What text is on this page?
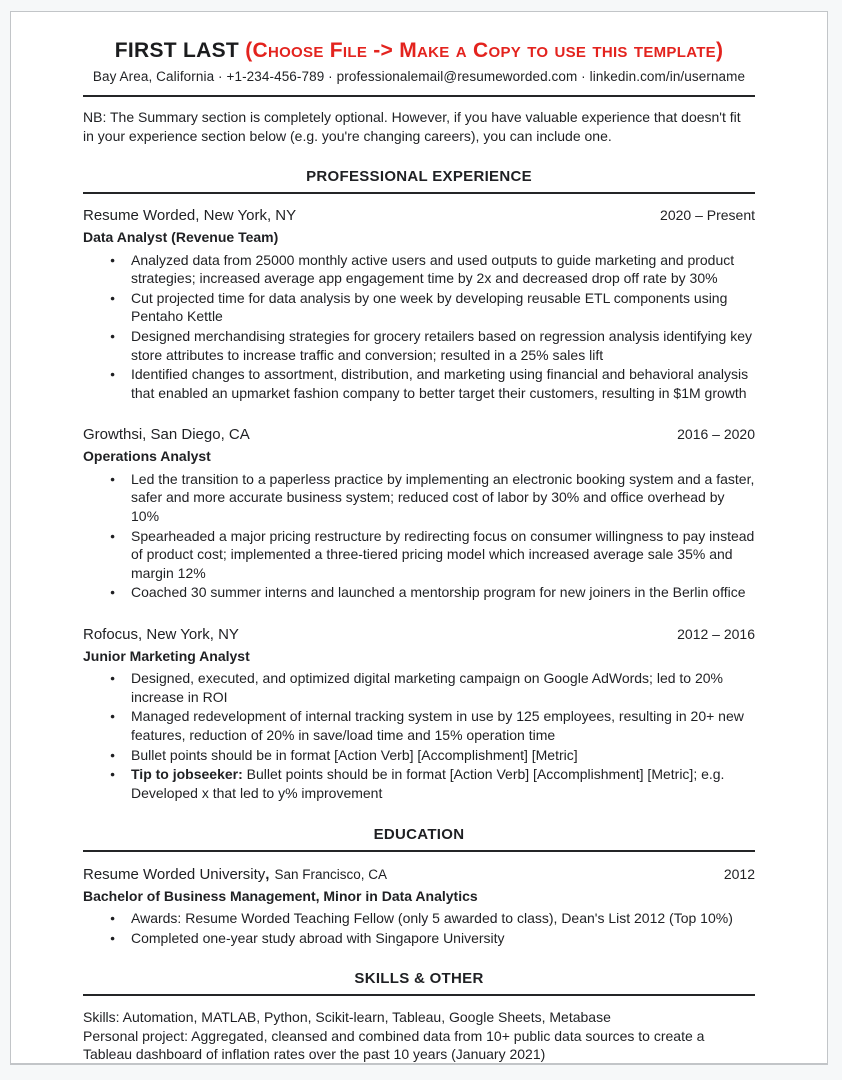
FIRST LAST (Choose File -> Make a Copy to use this template)
Bay Area, California · +1-234-456-789 · professionalemail@resumeworded.com · linkedin.com/in/username

NB: The Summary section is completely optional. However, if you have valuable experience that doesn't fit in your experience section below (e.g. you're changing careers), you can include one.

PROFESSIONAL EXPERIENCE
Resume Worded, New York, NY	2020 – Present
Data Analyst (Revenue Team)
● Analyzed data from 25000 monthly active users and used outputs to guide marketing and product strategies; increased average app engagement time by 2x and decreased drop off rate by 30%
● Cut projected time for data analysis by one week by developing reusable ETL components using Pentaho Kettle
● Designed merchandising strategies for grocery retailers based on regression analysis identifying key store attributes to increase traffic and conversion; resulted in a 25% sales lift
● Identified changes to assortment, distribution, and marketing using financial and behavioral analysis that enabled an upmarket fashion company to better target their customers, resulting in $1M growth
Growthsi, San Diego, CA	2016 – 2020
Operations Analyst
● Led the transition to a paperless practice by implementing an electronic booking system and a faster, safer and more accurate business system; reduced cost of labor by 30% and office overhead by 10%
● Spearheaded a major pricing restructure by redirecting focus on consumer willingness to pay instead of product cost; implemented a three-tiered pricing model which increased average sale 35% and margin 12%
● Coached 30 summer interns and launched a mentorship program for new joiners in the Berlin office
Rofocus, New York, NY	2012 – 2016
Junior Marketing Analyst
● Designed, executed, and optimized digital marketing campaign on Google AdWords; led to 20% increase in ROI
● Managed redevelopment of internal tracking system in use by 125 employees, resulting in 20+ new features, reduction of 20% in save/load time and 15% operation time
● Bullet points should be in format [Action Verb] [Accomplishment] [Metric]
● Tip to jobseeker: Bullet points should be in format [Action Verb] [Accomplishment] [Metric]; e.g. Developed x that led to y% improvement
EDUCATION
Resume Worded University, San Francisco, CA	2012
Bachelor of Business Management, Minor in Data Analytics
● Awards: Resume Worded Teaching Fellow (only 5 awarded to class), Dean's List 2012 (Top 10%)
● Completed one-year study abroad with Singapore University
SKILLS & OTHER

Skills: Automation, MATLAB, Python, Scikit-learn, Tableau, Google Sheets, Metabase

Personal project: Aggregated, cleansed and combined data from 10+ public data sources to create a Tableau dashboard of inflation rates over the past 10 years (January 2021)
